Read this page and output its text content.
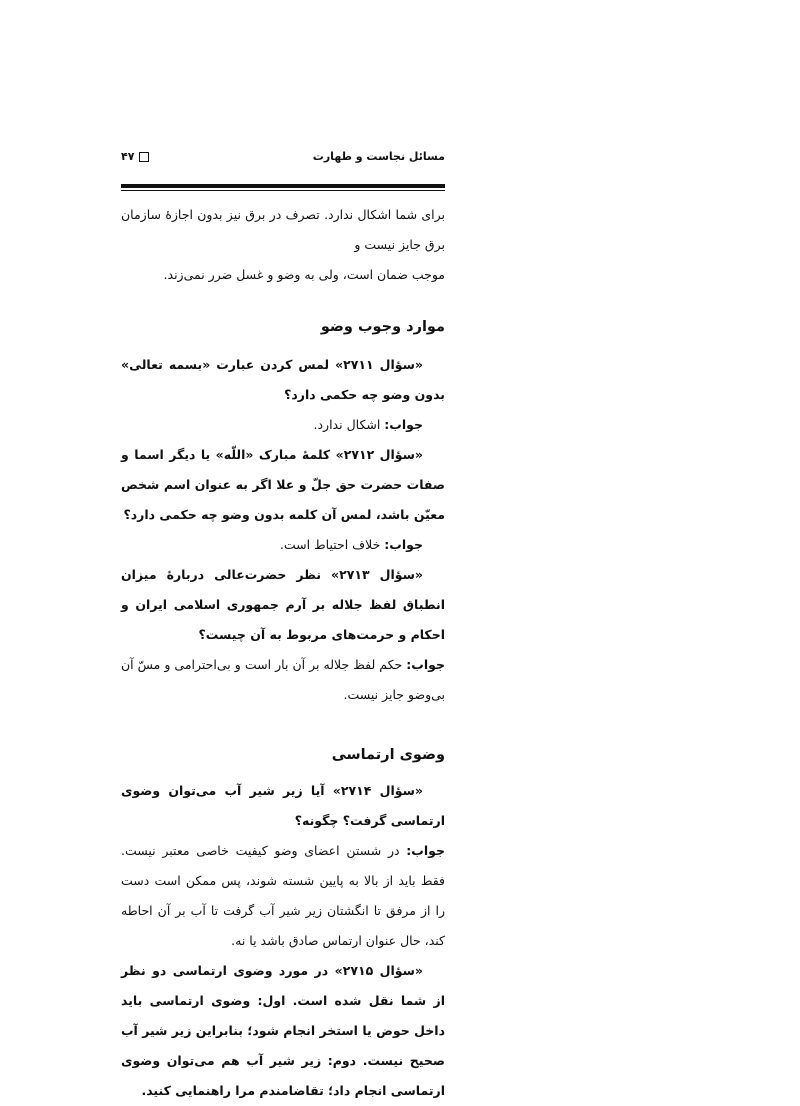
مسائل نجاست و طهارت
۴۷

برای شما اشکال ندارد. تصرف در برق نیز بدون اجازهٔ سازمان برق جایز نیست و

موجب ضمان است، ولی به وضو و غسل ضرر نمی‌زند.

موارد وجوب وضو

«سؤال ۲۷۱۱» لمس کردن عبارت «بسمه تعالی» بدون وضو چه حکمی دارد؟

جواب: اشکال ندارد.

«سؤال ۲۷۱۲» کلمهٔ مبارک «اللّه» یا دیگر اسما و صفات حضرت حق جلّ و علا اگر به عنوان اسم شخص معیّن باشد، لمس آن کلمه بدون وضو چه حکمی دارد؟

جواب: خلاف احتیاط است.

«سؤال ۲۷۱۳» نظر حضرت‌عالی دربارهٔ میزان انطباق لفظ جلاله بر آرم جمهوری اسلامی ایران و احکام و حرمت‌های مربوط به آن چیست؟

جواب: حکم لفظ جلاله بر آن بار است و بی‌احترامی و مسّ آن بی‌وضو جایز نیست.

وضوی ارتماسی

«سؤال ۲۷۱۴» آیا زیر شیر آب می‌توان وضوی ارتماسی گرفت؟ چگونه؟

جواب: در شستن اعضای وضو کیفیت خاصی معتبر نیست. فقط باید از بالا به پایین شسته شوند، پس ممکن است دست را از مرفق تا انگشتان زیر شیر آب گرفت تا آب بر آن احاطه کند، حال عنوان ارتماس صادق باشد یا نه.

«سؤال ۲۷۱۵» در مورد وضوی ارتماسی دو نظر از شما نقل شده است. اول: وضوی ارتماسی باید داخل حوض یا استخر انجام شود؛ بنابراین زیر شیر آب صحیح نیست. دوم: زیر شیر آب هم می‌توان وضوی ارتماسی انجام داد؛ تقاضامندم مرا راهنمایی کنید.
